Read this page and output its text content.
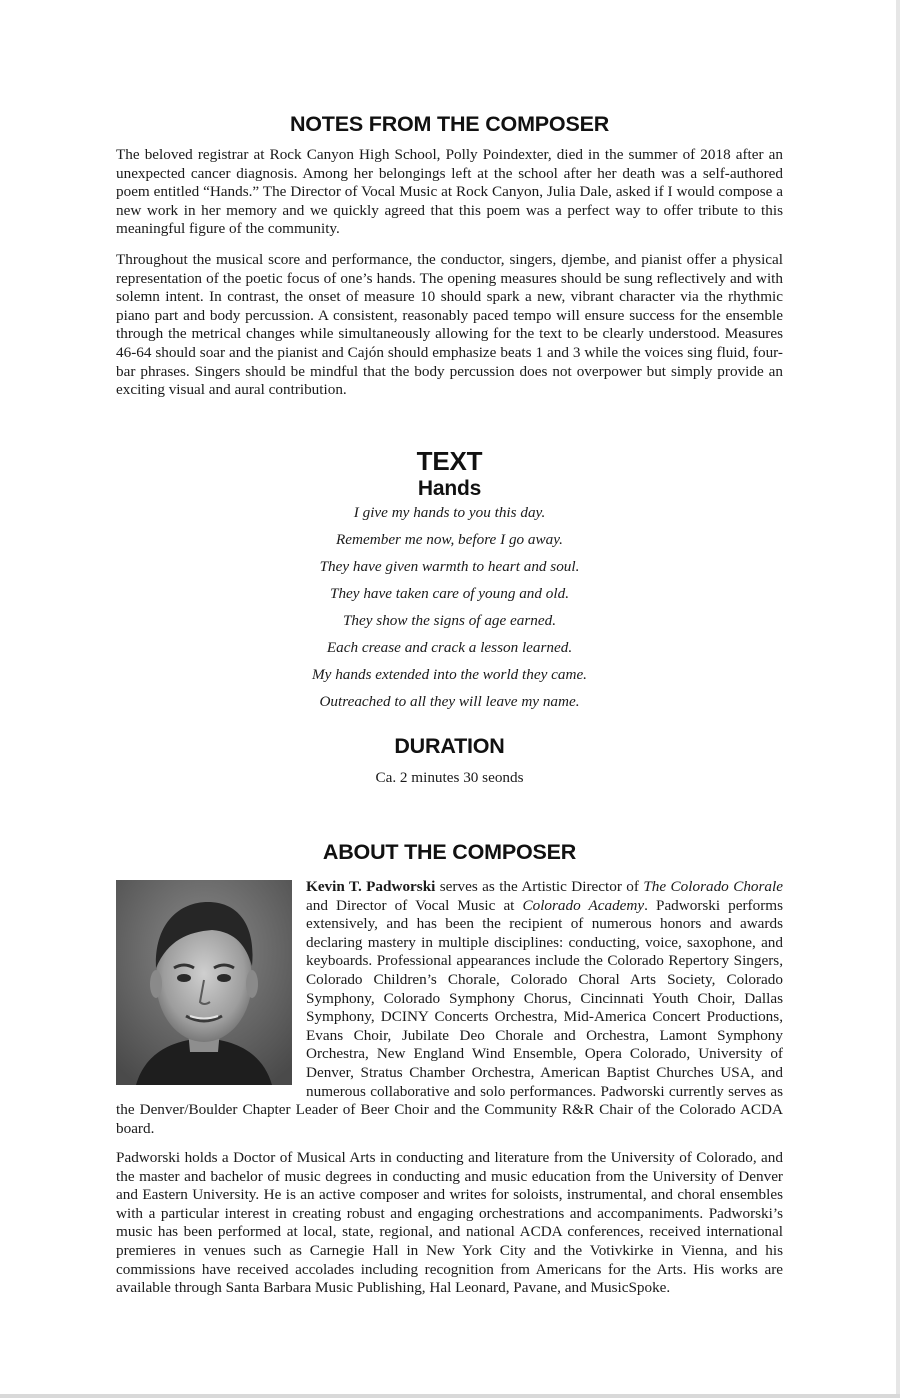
NOTES FROM THE COMPOSER

The beloved registrar at Rock Canyon High School, Polly Poindexter, died in the summer of 2018 after an unexpected cancer diagnosis. Among her belongings left at the school after her death was a self-authored poem entitled “Hands.” The Director of Vocal Music at Rock Canyon, Julia Dale, asked if I would compose a new work in her memory and we quickly agreed that this poem was a perfect way to offer tribute to this meaningful figure of the community.

Throughout the musical score and performance, the conductor, singers, djembe, and pianist offer a physical representation of the poetic focus of one’s hands. The opening measures should be sung reflectively and with solemn intent. In contrast, the onset of measure 10 should spark a new, vibrant character via the rhythmic piano part and body percussion. A consistent, reasonably paced tempo will ensure success for the ensemble through the metrical changes while simultaneously allowing for the text to be clearly understood. Measures 46-64 should soar and the pianist and Cajón should emphasize beats 1 and 3 while the voices sing fluid, four-bar phrases. Singers should be mindful that the body percussion does not overpower but simply provide an exciting visual and aural contribution.

TEXT
Hands
I give my hands to you this day.
Remember me now, before I go away.
They have given warmth to heart and soul.
They have taken care of young and old.
They show the signs of age earned.
Each crease and crack a lesson learned.
My hands extended into the world they came.
Outreached to all they will leave my name.
DURATION

Ca. 2 minutes 30 seonds

ABOUT THE COMPOSER

Kevin T. Padworski serves as the Artistic Director of The Colorado Chorale and Director of Vocal Music at Colorado Academy. Padworski performs extensively, and has been the recipient of numerous honors and awards declaring mastery in multiple disciplines: conducting, voice, saxophone, and keyboards. Professional appearances include the Colorado Repertory Singers, Colorado Children’s Chorale, Colorado Choral Arts Society, Colorado Symphony, Colorado Symphony Chorus, Cincinnati Youth Choir, Dallas Symphony, DCINY Concerts Orchestra, Mid-America Concert Productions, Evans Choir, Jubilate Deo Chorale and Orchestra, Lamont Symphony Orchestra, New England Wind Ensemble, Opera Colorado, University of Denver, Stratus Chamber Orchestra, American Baptist Churches USA, and numerous collaborative and solo performances. Padworski currently serves as the Denver/Boulder Chapter Leader of Beer Choir and the Community R&R Chair of the Colorado ACDA board.

Padworski holds a Doctor of Musical Arts in conducting and literature from the University of Colorado, and the master and bachelor of music degrees in conducting and music education from the University of Denver and Eastern University. He is an active composer and writes for soloists, instrumental, and choral ensembles with a particular interest in creating robust and engaging orchestrations and accompaniments. Padworski’s music has been performed at local, state, regional, and national ACDA conferences, received international premieres in venues such as Carnegie Hall in New York City and the Votivkirke in Vienna, and his commissions have received accolades including recognition from Americans for the Arts. His works are available through Santa Barbara Music Publishing, Hal Leonard, Pavane, and MusicSpoke.
